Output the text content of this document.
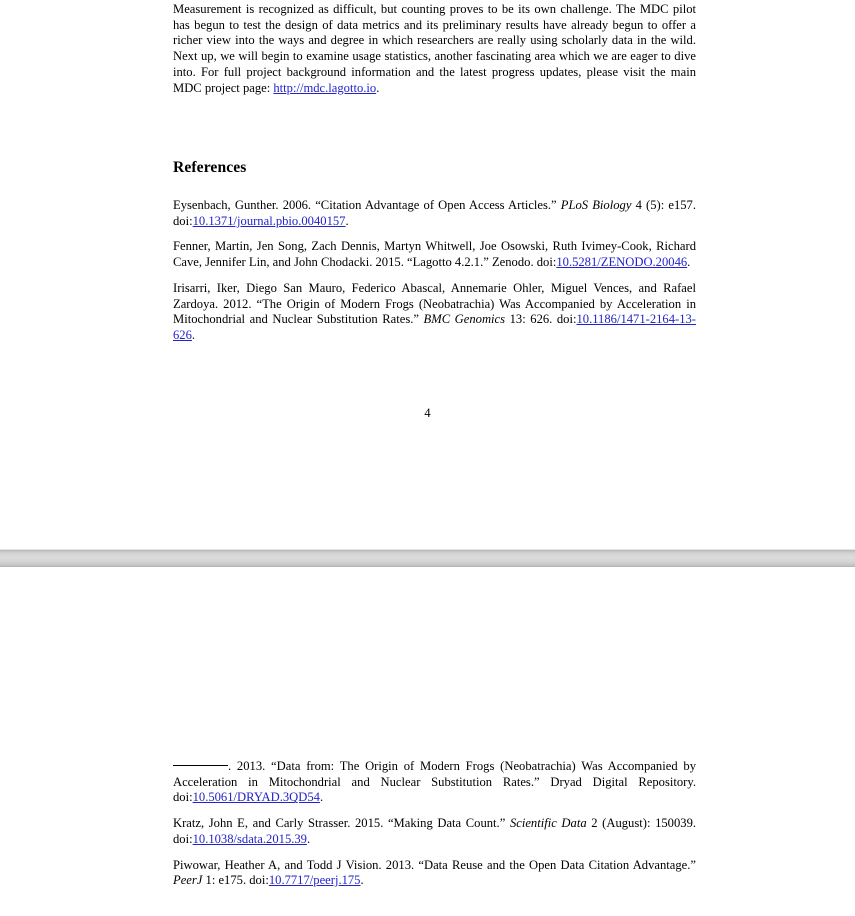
Measurement is recognized as difficult, but counting proves to be its own challenge. The MDC pilot has begun to test the design of data metrics and its preliminary results have already begun to offer a richer view into the ways and degree in which researchers are really using scholarly data in the wild. Next up, we will begin to examine usage statistics, another fascinating area which we are eager to dive into. For full project background information and the latest progress updates, please visit the main MDC project page: http://mdc.lagotto.io.

References

Eysenbach, Gunther. 2006. “Citation Advantage of Open Access Articles.” PLoS Biology 4 (5): e157. doi:10.1371/journal.pbio.0040157.

Fenner, Martin, Jen Song, Zach Dennis, Martyn Whitwell, Joe Osowski, Ruth Ivimey-Cook, Richard Cave, Jennifer Lin, and John Chodacki. 2015. “Lagotto 4.2.1.” Zenodo. doi:10.5281/ZENODO.20046.

Irisarri, Iker, Diego San Mauro, Federico Abascal, Annemarie Ohler, Miguel Vences, and Rafael Zardoya. 2012. “The Origin of Modern Frogs (Neobatrachia) Was Accompanied by Acceleration in Mitochondrial and Nuclear Substitution Rates.” BMC Genomics 13: 626. doi:10.1186/1471-2164-13-626.

4

. 2013. “Data from: The Origin of Modern Frogs (Neobatrachia) Was Accompanied by Acceleration in Mitochondrial and Nuclear Substitution Rates.” Dryad Digital Repository. doi:10.5061/DRYAD.3QD54.

Kratz, John E, and Carly Strasser. 2015. “Making Data Count.” Scientific Data 2 (August): 150039. doi:10.1038/sdata.2015.39.

Piwowar, Heather A, and Todd J Vision. 2013. “Data Reuse and the Open Data Citation Advantage.” PeerJ 1: e175. doi:10.7717/peerj.175.
